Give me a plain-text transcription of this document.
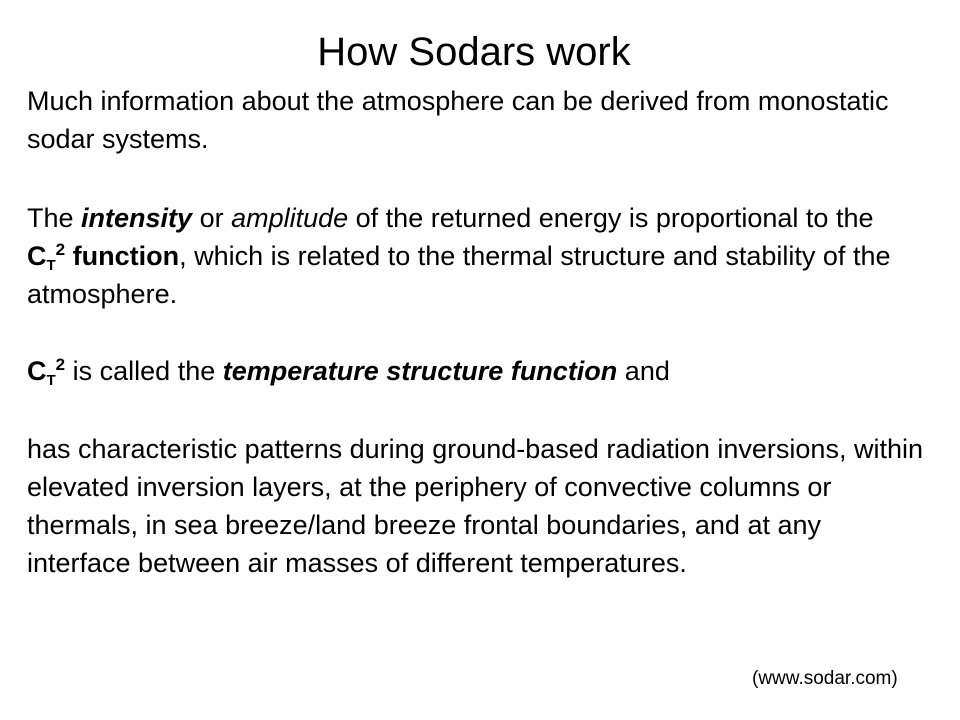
How Sodars work

Much information about the atmosphere can be derived from monostatic sodar systems.

The intensity or amplitude of the returned energy is proportional to the $C_T^2$ function, which is related to the thermal structure and stability of the atmosphere.

$C_T^2$ is called the temperature structure function and

has characteristic patterns during ground-based radiation inversions, within elevated inversion layers, at the periphery of convective columns or thermals, in sea breeze/land breeze frontal boundaries, and at any interface between air masses of different temperatures.

(www.sodar.com)
